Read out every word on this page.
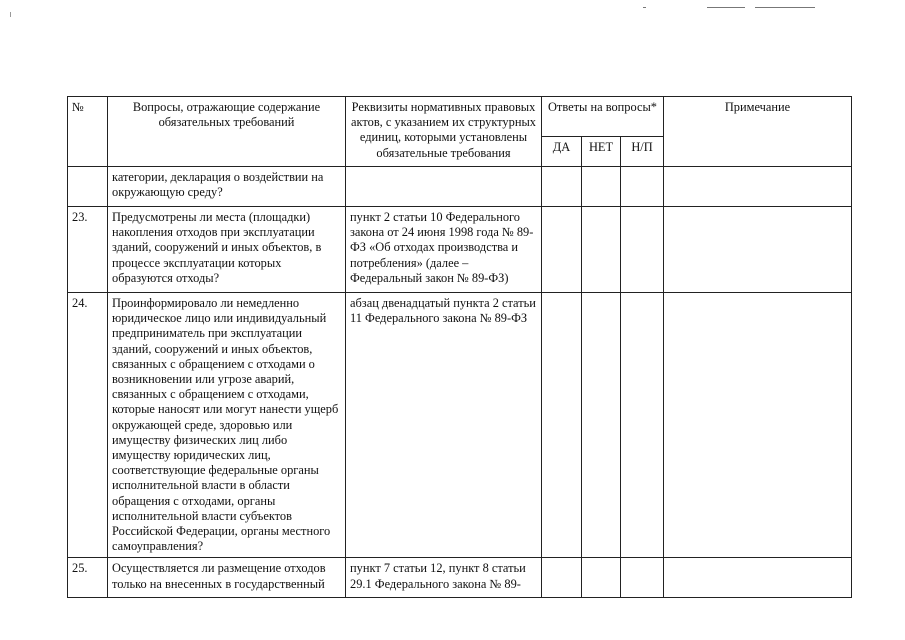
№	Вопросы, отражающие содержание обязательных требований	Реквизиты нормативных правовых актов, с указанием их структурных единиц, которыми установлены обязательные требования	Ответы на вопросы*			Примечание
			ДА	НЕТ	Н/П	
	категории, декларация о воздействии на окружающую среду?					
23.	Предусмотрены ли места (площадки) накопления отходов при эксплуатации зданий, сооружений и иных объектов, в процессе эксплуатации которых образуются отходы?	пункт 2 статьи 10 Федерального закона от 24 июня 1998 года № 89-ФЗ «Об отходах производства и потребления» (далее – Федеральный закон № 89-ФЗ)				
24.	Проинформировало ли немедленно юридическое лицо или индивидуальный предприниматель при эксплуатации зданий, сооружений и иных объектов, связанных с обращением с отходами о возникновении или угрозе аварий, связанных с обращением с отходами, которые наносят или могут нанести ущерб окружающей среде, здоровью или имуществу физических лиц либо имуществу юридических лиц, соответствующие федеральные органы исполнительной власти в области обращения с отходами, органы исполнительной власти субъектов Российской Федерации, органы местного самоуправления?	абзац двенадцатый пункта 2 статьи 11 Федерального закона № 89-ФЗ				
25.	Осуществляется ли размещение отходов только на внесенных в государственный	пункт 7 статьи 12, пункт 8 статьи 29.1 Федерального закона № 89-				
